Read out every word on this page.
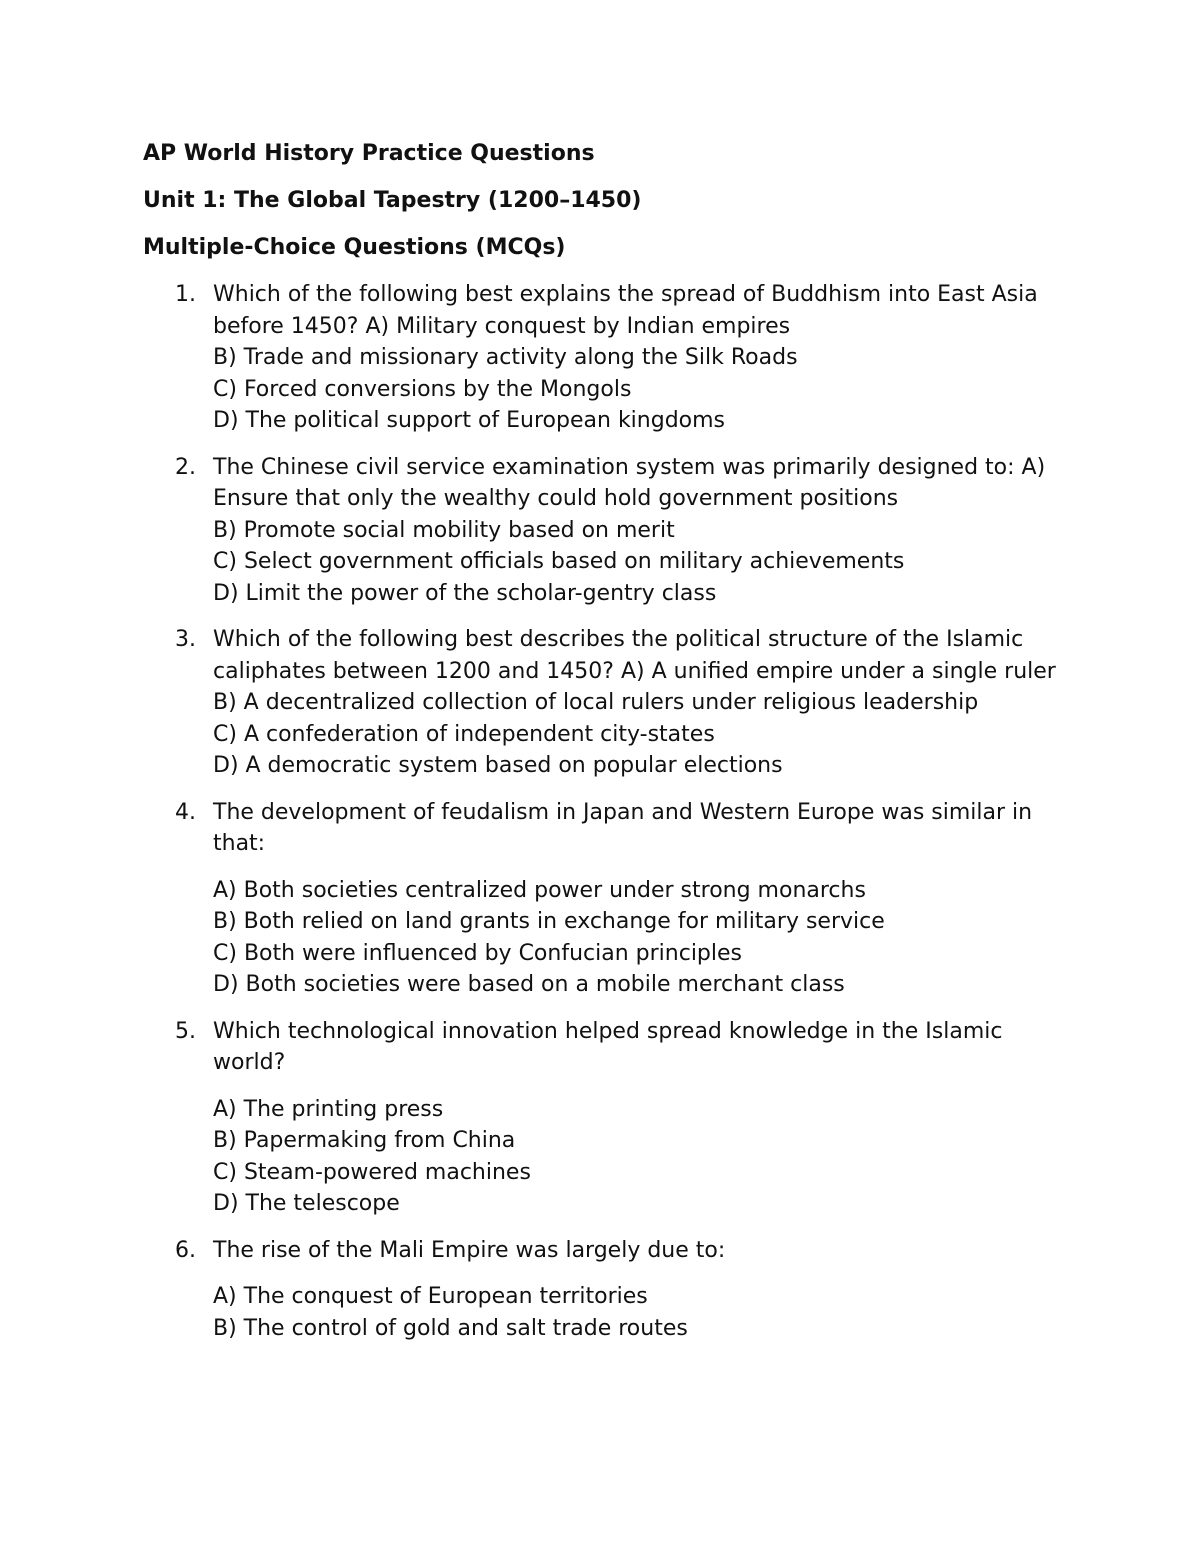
AP World History Practice Questions
Unit 1: The Global Tapestry (1200–1450)
Multiple-Choice Questions (MCQs)
1. Which of the following best explains the spread of Buddhism into East Asia before 1450? A) Military conquest by Indian empires
B) Trade and missionary activity along the Silk Roads
C) Forced conversions by the Mongols
D) The political support of European kingdoms
2. The Chinese civil service examination system was primarily designed to: A) Ensure that only the wealthy could hold government positions
B) Promote social mobility based on merit
C) Select government officials based on military achievements
D) Limit the power of the scholar-gentry class
3. Which of the following best describes the political structure of the Islamic caliphates between 1200 and 1450? A) A unified empire under a single ruler
B) A decentralized collection of local rulers under religious leadership
C) A confederation of independent city-states
D) A democratic system based on popular elections
4. The development of feudalism in Japan and Western Europe was similar in that:
A) Both societies centralized power under strong monarchs
B) Both relied on land grants in exchange for military service
C) Both were influenced by Confucian principles
D) Both societies were based on a mobile merchant class
5. Which technological innovation helped spread knowledge in the Islamic world?
A) The printing press
B) Papermaking from China
C) Steam-powered machines
D) The telescope
6. The rise of the Mali Empire was largely due to:
A) The conquest of European territories
B) The control of gold and salt trade routes
